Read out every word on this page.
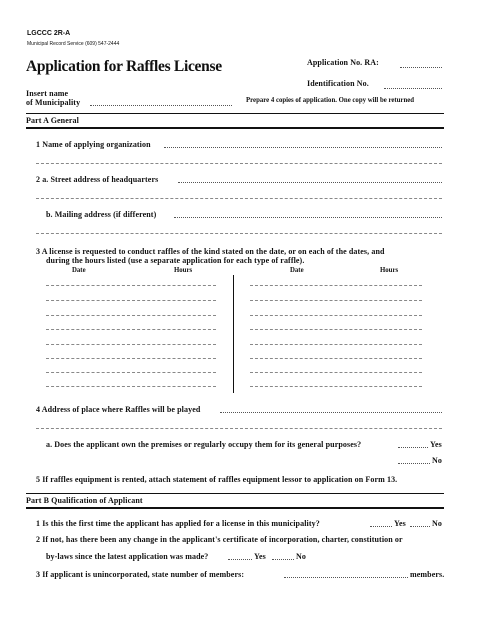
LGCCC 2R-A
Municipal Record Service (609) 547-2444
Application for Raffles License	Application No. RA:
Identification No.
Insert name
of Municipality	Prepare 4 copies of application. One copy will be returned
Part A General
1 Name of applying organization
2 a. Street address of headquarters
b. Mailing address (if different)
3 A license is requested to conduct raffles of the kind stated on the date, or on each of the dates, and
during the hours listed (use a separate application for each type of raffle).
Date	Hours	Date	Hours
4 Address of place where Raffles will be played
a. Does the applicant own the premises or regularly occupy them for its general purposes?	Yes
No
5 If raffles equipment is rented, attach statement of raffles equipment lessor to application on Form 13.
Part B Qualification of Applicant
1 Is this the first time the applicant has applied for a license in this municipality?	Yes	No
2 If not, has there been any change in the applicant's certificate of incorporation, charter, constitution or
by-laws since the latest application was made?	Yes	No
3 If applicant is unincorporated, state number of members:	members.
